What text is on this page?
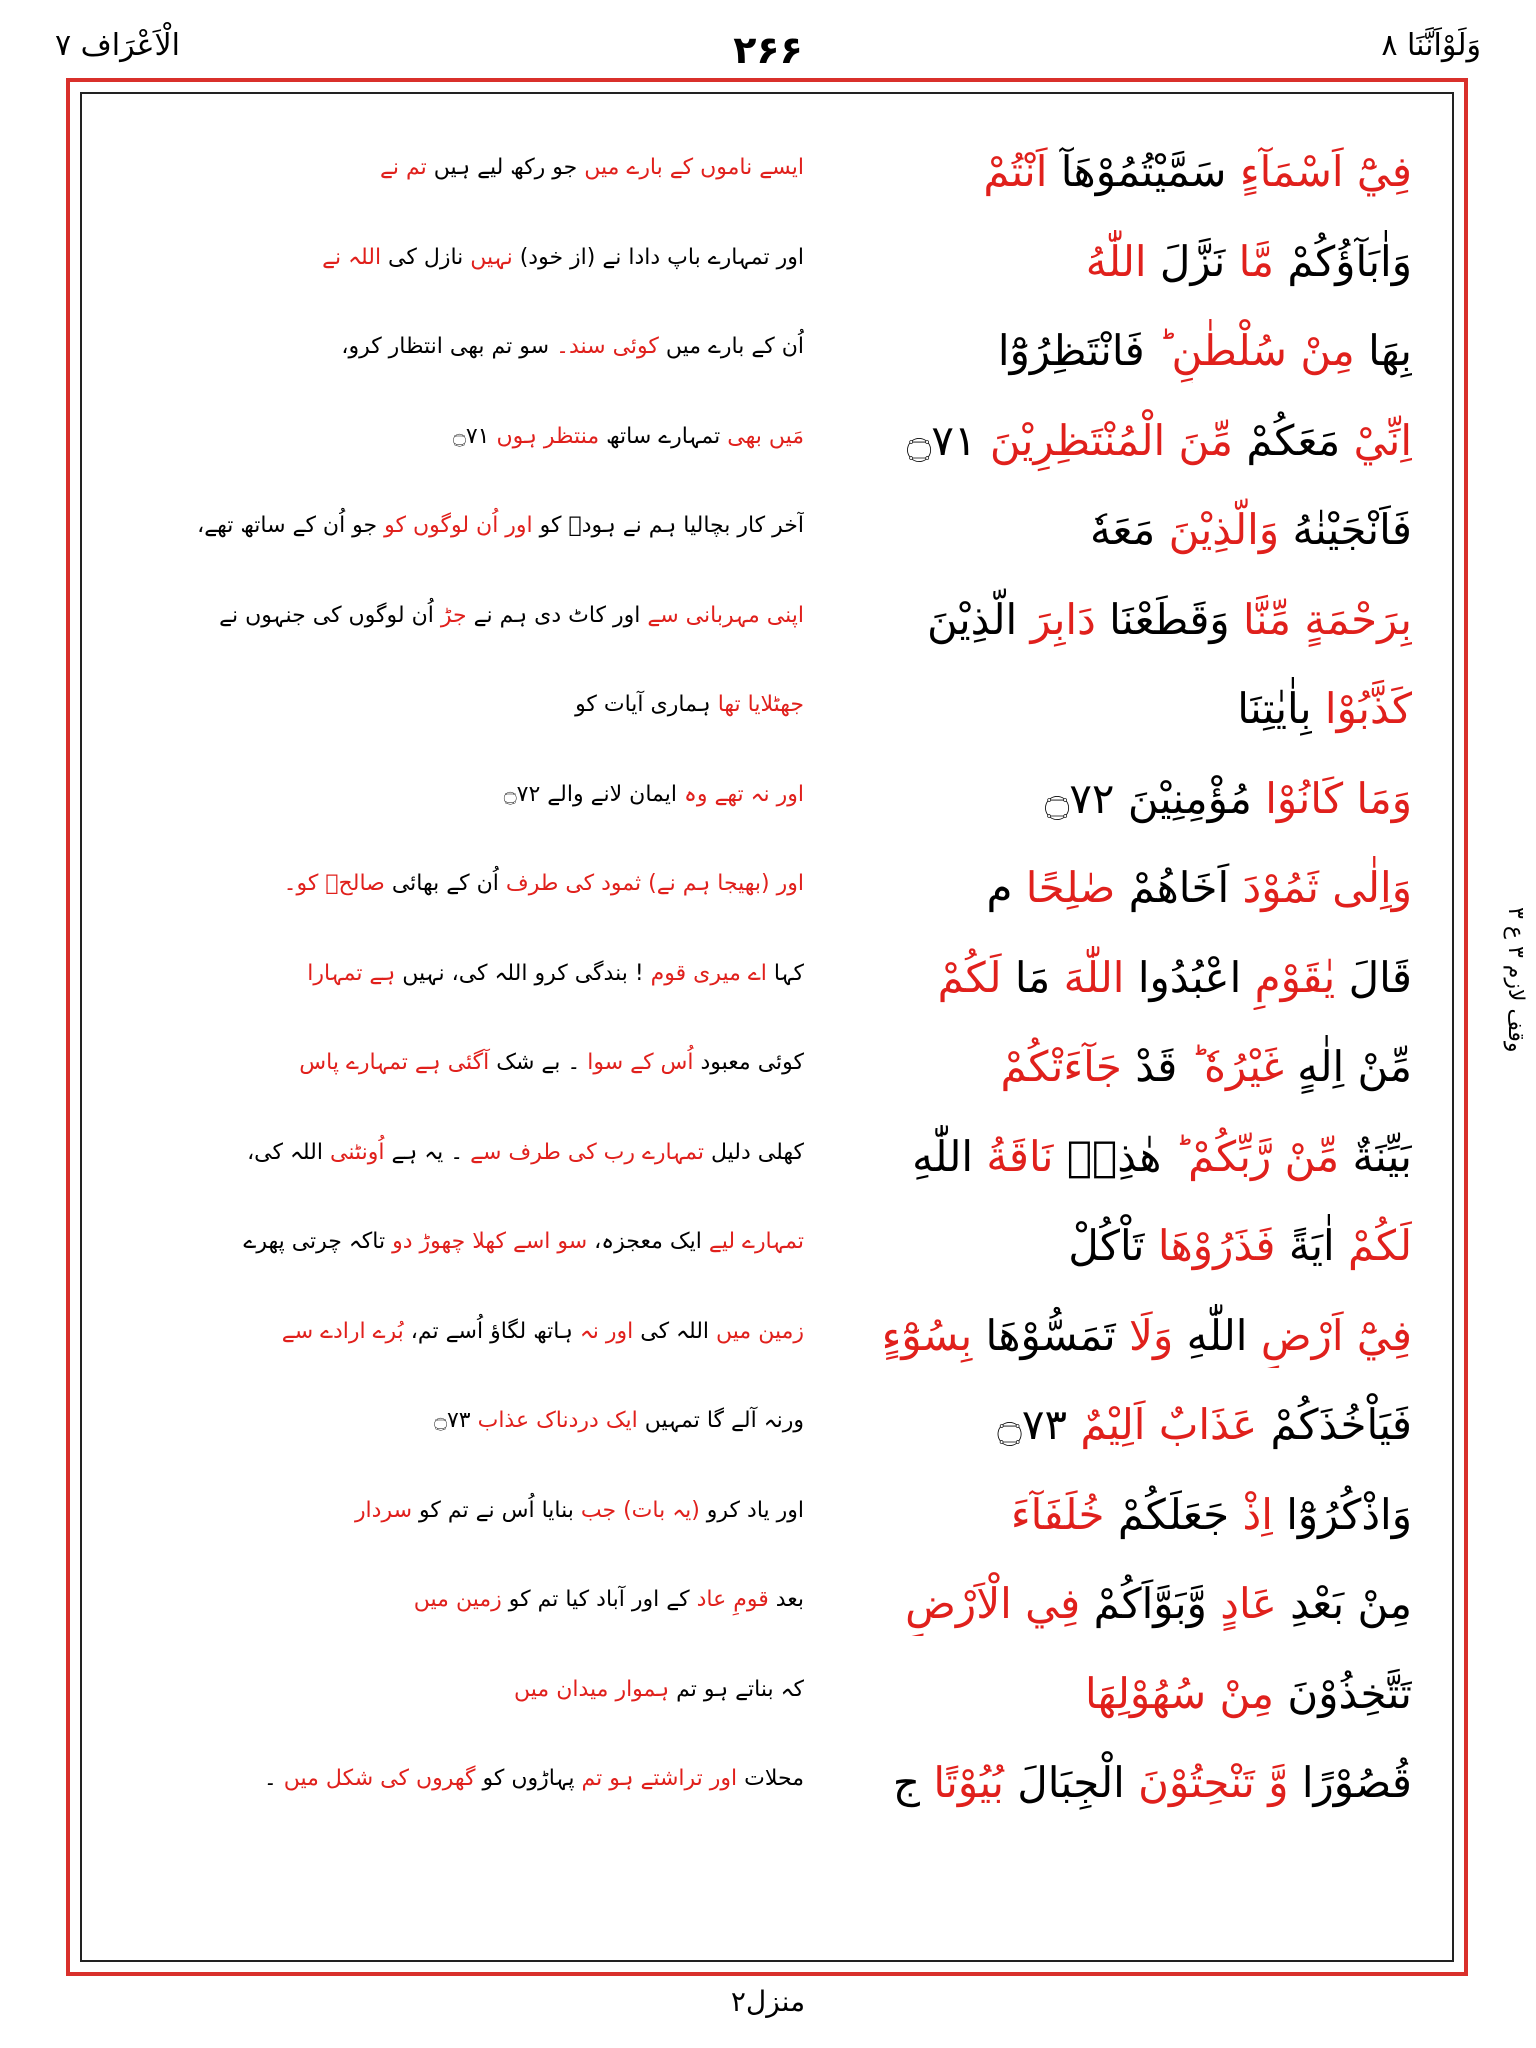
وَلَوْاَنَّنَا ۸
۲۶۶
الْاَعْرَاف ۷
فِيْٓ اَسْمَآءٍ سَمَّيْتُمُوْهَآ اَنْتُمْ
ایسے ناموں کے بارے میں جو رکھ لیے ہیں تم نے
وَاٰبَآؤُكُمْ مَّا نَزَّلَ اللّٰهُ
اور تمہارے باپ دادا نے (از خود) نہیں نازل کی اللہ نے
بِهَا مِنْ سُلْطٰنٍ ؕ فَانْتَظِرُوْٓا
اُن کے بارے میں کوئی سند۔ سو تم بھی انتظار کرو،
اِنِّيْ مَعَكُمْ مِّنَ الْمُنْتَظِرِيْنَ ۝۷۱
مَیں بھی تمہارے ساتھ منتظر ہوں ۝۷۱
فَاَنْجَيْنٰهُ وَالَّذِيْنَ مَعَهٗ
آخر کار بچالیا ہم نے ہودؑ کو اور اُن لوگوں کو جو اُن کے ساتھ تھے،
بِرَحْمَةٍ مِّنَّا وَقَطَعْنَا دَابِرَ الَّذِيْنَ
اپنی مہربانی سے اور کاٹ دی ہم نے جڑ اُن لوگوں کی جنہوں نے
كَذَّبُوْا بِاٰيٰتِنَا
جھٹلایا تھا ہماری آیات کو
وَمَا كَانُوْا مُؤْمِنِيْنَ ۝۷۲
اور نہ تھے وہ ایمان لانے والے ۝۷۲
وَاِلٰى ثَمُوْدَ اَخَاهُمْ صٰلِحًا م
اور (بھیجا ہم نے) ثمود کی طرف اُن کے بھائی صالحؑ کو۔
قَالَ يٰقَوْمِ اعْبُدُوا اللّٰهَ مَا لَكُمْ
کہا اے میری قوم ! بندگی کرو اللہ کی، نہیں ہے تمہارا
مِّنْ اِلٰهٍ غَيْرُهٗ ؕ قَدْ جَآءَتْكُمْ
کوئی معبود اُس کے سوا ۔ بے شک آگئی ہے تمہارے پاس
بَيِّنَةٌ مِّنْ رَّبِّكُمْ ؕ هٰذِهٖ نَاقَةُ اللّٰهِ
کھلی دلیل تمہارے رب کی طرف سے ۔ یہ ہے اُونٹنی اللہ کی،
لَكُمْ اٰيَةً فَذَرُوْهَا تَاْكُلْ
تمہارے لیے ایک معجزہ، سو اسے کھلا چھوڑ دو تاکہ چرتی پھرے
فِيْٓ اَرْضِ اللّٰهِ وَلَا تَمَسُّوْهَا بِسُوْٓءٍ
زمین میں اللہ کی اور نہ ہاتھ لگاؤ اُسے تم، بُرے ارادے سے
فَيَاْخُذَكُمْ عَذَابٌ اَلِيْمٌ ۝۷۳
ورنہ آلے گا تمہیں ایک دردناک عذاب ۝۷۳
وَاذْكُرُوْٓا اِذْ جَعَلَكُمْ خُلَفَآءَ
اور یاد کرو (یہ بات) جب بنایا اُس نے تم کو سردار
مِنْ بَعْدِ عَادٍ وَّبَوَّاَكُمْ فِي الْاَرْضِ
بعد قومِ عاد کے اور آباد کیا تم کو زمین میں
تَتَّخِذُوْنَ مِنْ سُهُوْلِهَا
کہ بناتے ہو تم ہموار میدان میں
قُصُوْرًا وَّ تَنْحِتُوْنَ الْجِبَالَ بُيُوْتًا ج
محلات اور تراشتے ہو تم پہاڑوں کو گھروں کی شکل میں ۔
وقف لازم ۳ ع ۳
منزل۲
